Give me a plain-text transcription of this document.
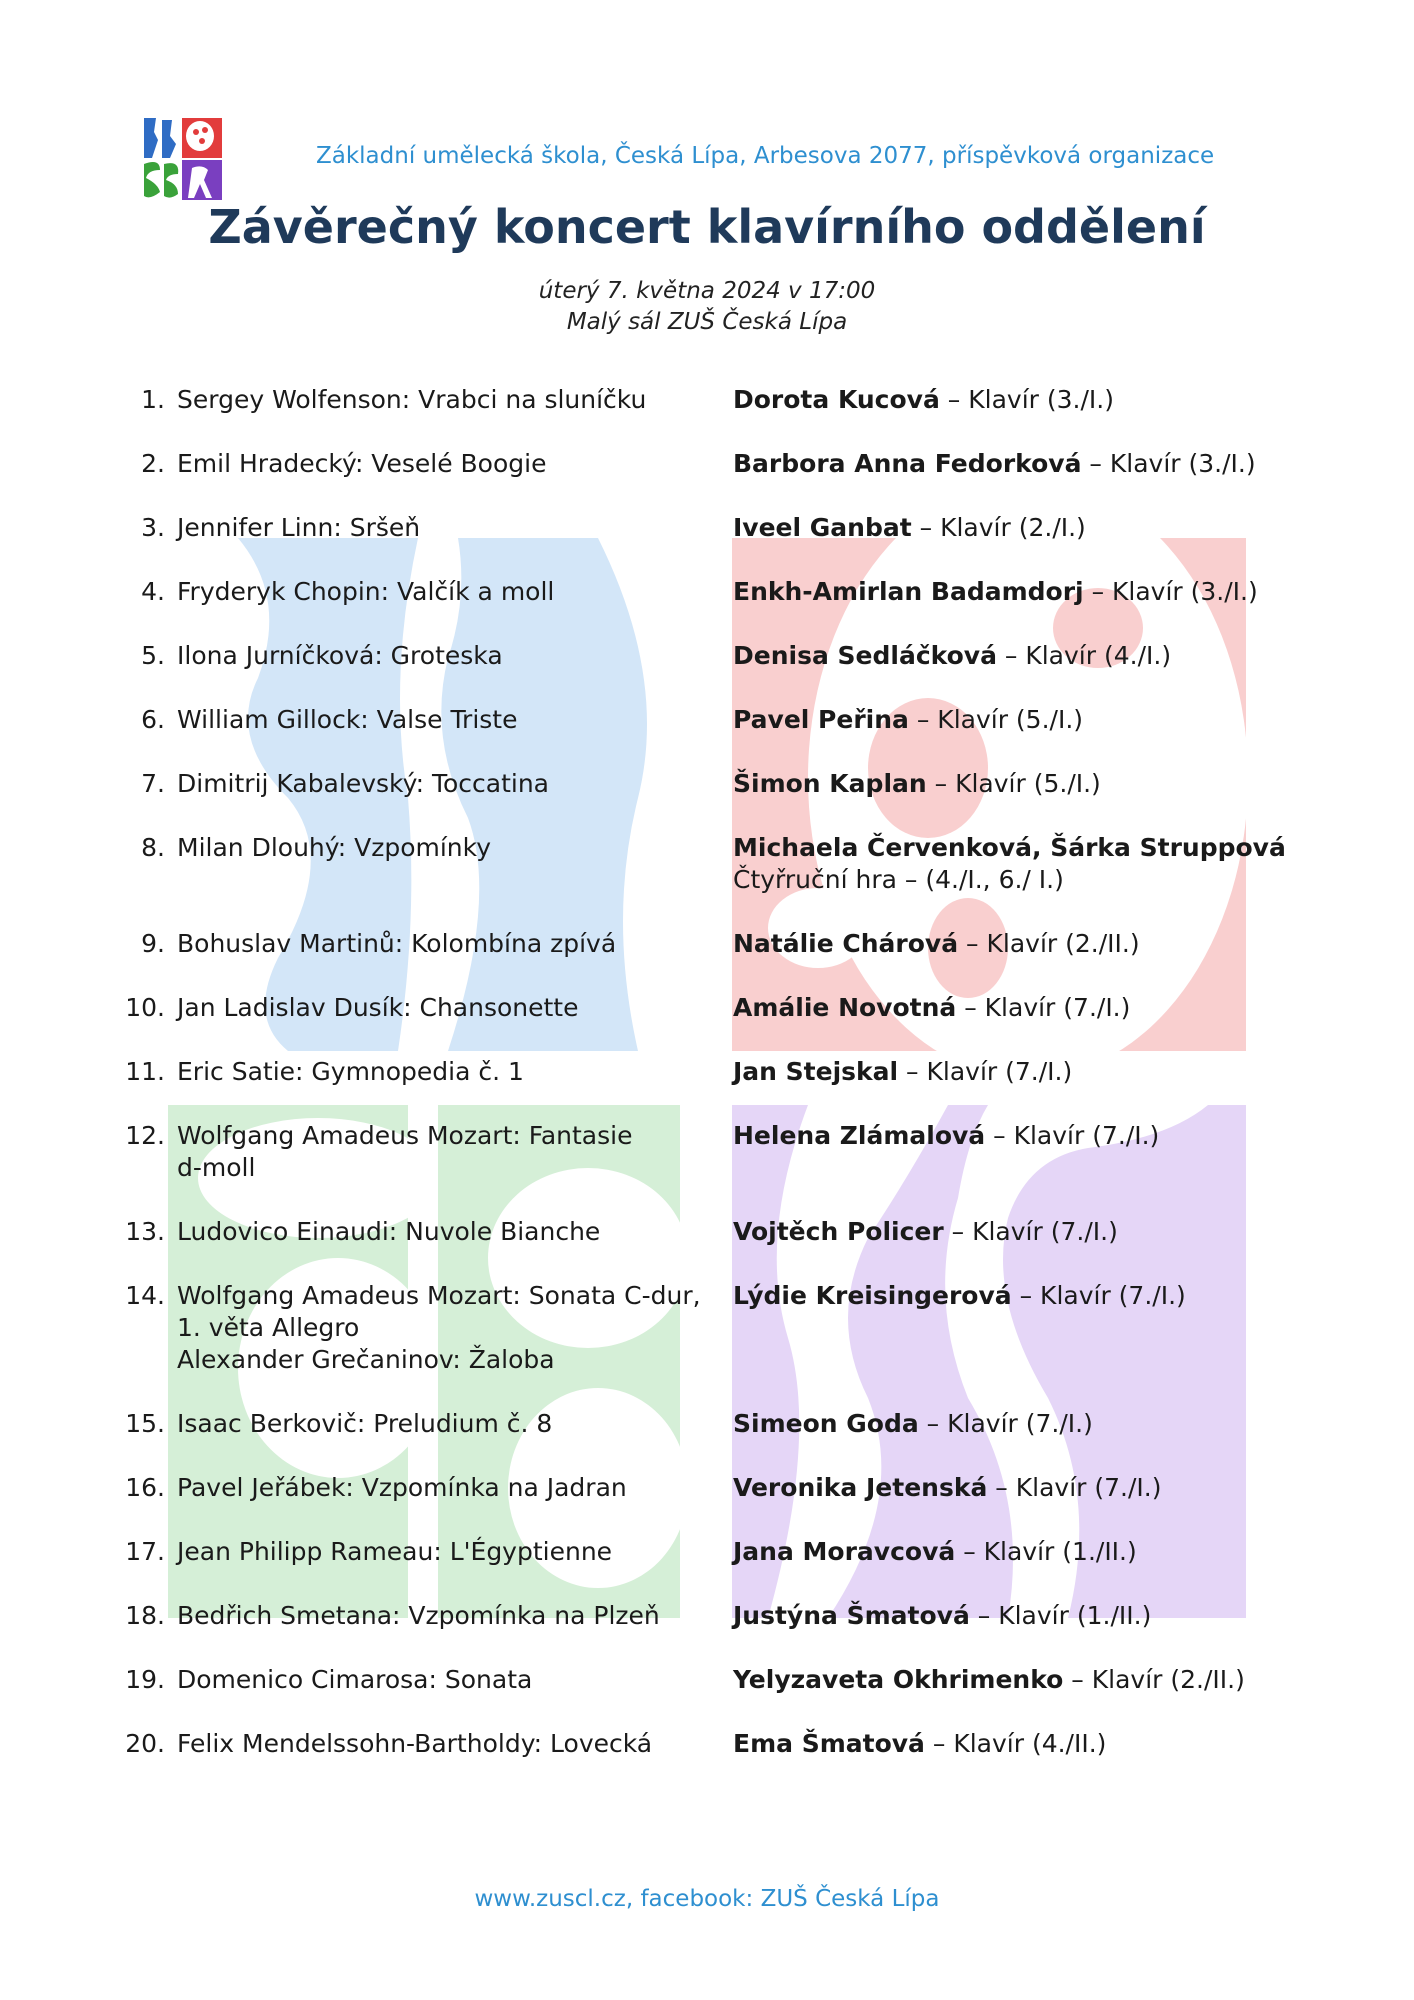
Základní umělecká škola, Česká Lípa, Arbesova 2077, příspěvková organizace
Závěrečný koncert klavírního oddělení
úterý 7. května 2024 v 17:00
Malý sál ZUŠ Česká Lípa
1. Sergey Wolfenson: Vrabci na sluníčku	Dorota Kucová – Klavír (3./I.)
2. Emil Hradecký: Veselé Boogie	Barbora Anna Fedorková – Klavír (3./I.)
3. Jennifer Linn: Sršeň	Iveel Ganbat – Klavír (2./I.)
4. Fryderyk Chopin: Valčík a moll	Enkh-Amirlan Badamdorj – Klavír (3./I.)
5. Ilona Jurníčková: Groteska	Denisa Sedláčková – Klavír (4./I.)
6. William Gillock: Valse Triste	Pavel Peřina – Klavír (5./I.)
7. Dimitrij Kabalevský: Toccatina	Šimon Kaplan – Klavír (5./I.)
8. Milan Dlouhý: Vzpomínky	Michaela Červenková, Šárka Struppová
Čtyřruční hra – (4./I., 6./ I.)
9. Bohuslav Martinů: Kolombína zpívá	Natálie Chárová – Klavír (2./II.)
10. Jan Ladislav Dusík: Chansonette	Amálie Novotná – Klavír (7./I.)
11. Eric Satie: Gymnopedia č. 1	Jan Stejskal – Klavír (7./I.)
12. Wolfgang Amadeus Mozart: Fantasie
d-moll
Helena Zlámalová – Klavír (7./I.)
13. Ludovico Einaudi: Nuvole Bianche	Vojtěch Policer – Klavír (7./I.)
14. Wolfgang Amadeus Mozart: Sonata C-dur,
1. věta Allegro
Alexander Grečaninov: Žaloba
Lýdie Kreisingerová – Klavír (7./I.)
15. Isaac Berkovič: Preludium č. 8	Simeon Goda – Klavír (7./I.)
16. Pavel Jeřábek: Vzpomínka na Jadran	Veronika Jetenská – Klavír (7./I.)
17. Jean Philipp Rameau: L'Égyptienne	Jana Moravcová – Klavír (1./II.)
18. Bedřich Smetana: Vzpomínka na Plzeň	Justýna Šmatová – Klavír (1./II.)
19. Domenico Cimarosa: Sonata	Yelyzaveta Okhrimenko – Klavír (2./II.)
20. Felix Mendelssohn-Bartholdy: Lovecká	Ema Šmatová – Klavír (4./II.)
www.zuscl.cz, facebook: ZUŠ Česká Lípa
